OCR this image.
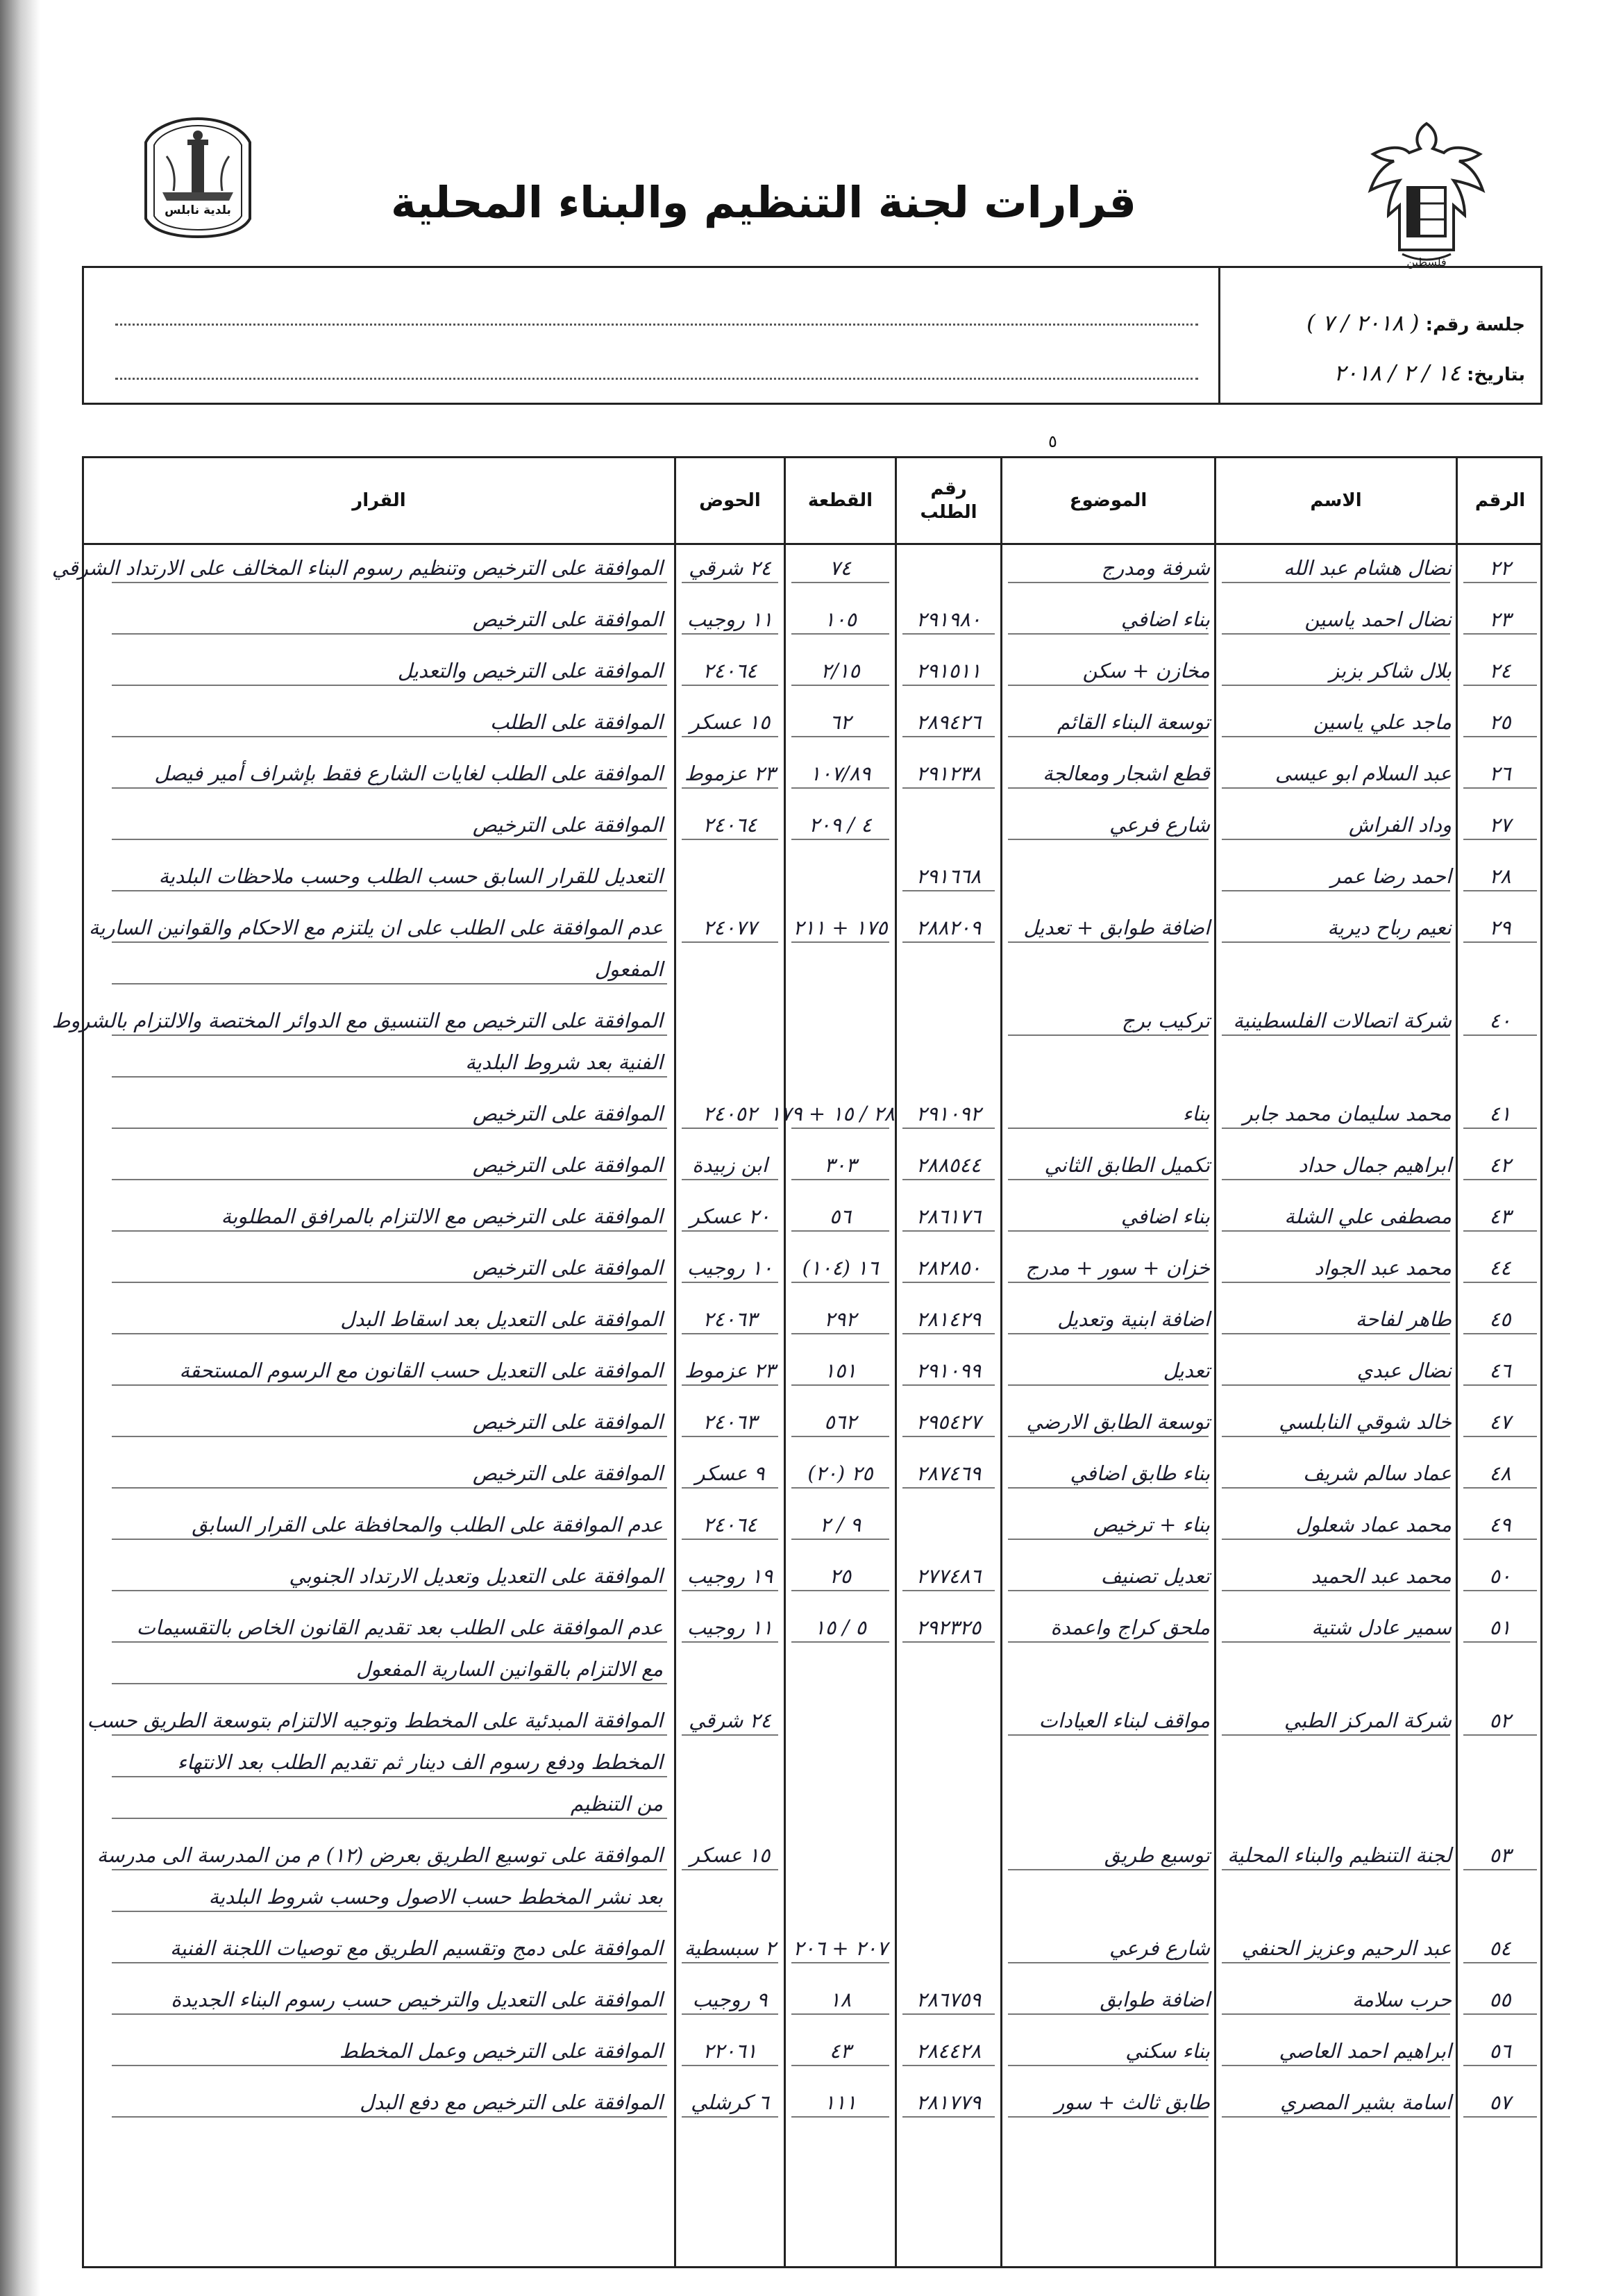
فلسطين
بلدية نابلس	قرارات لجنة التنظيم والبناء المحلية
جلسة رقم: ( ٢٠١٨ / ٧ )
بتاريخ: ١٤ / ٢ / ٢٠١٨
٥
الرقم
الاسم
الموضوع
رقم
الطلب
القطعة
الحوض
القرار
٢٢
نضال هشام عبد الله
شرفة ومدرج
٧٤
٢٤ شرقي
الموافقة على الترخيص وتنظيم رسوم البناء المخالف على الارتداد الشرقي
٢٣
نضال احمد ياسين
بناء اضافي
٢٩١٩٨٠
١٠٥
١١ روجيب
الموافقة على الترخيص
٢٤
بلال شاكر بزبز
مخازن + سكن
٢٩١٥١١
٢/١٥
٢٤٠٦٤
الموافقة على الترخيص والتعديل
٢٥
ماجد علي ياسين
توسعة البناء القائم
٢٨٩٤٢٦
٦٢
١٥ عسكر
الموافقة على الطلب
٢٦
عبد السلام ابو عيسى
قطع اشجار ومعالجة
٢٩١٢٣٨
١٠٧/٨٩
٢٣ عزموط
الموافقة على الطلب لغايات الشارع فقط بإشراف أمير فيصل
٢٧
وداد الفراش
شارع فرعي
٤ / ٢٠٩
٢٤٠٦٤
الموافقة على الترخيص
٢٨
احمد رضا عمر
٢٩١٦٦٨
التعديل للقرار السابق حسب الطلب وحسب ملاحظات البلدية
٢٩
نعيم رباح ديرية
اضافة طوابق + تعديل
٢٨٨٢٠٩
١٧٥ + ٢١١
٢٤٠٧٧
عدم الموافقة على الطلب على ان يلتزم مع الاحكام والقوانين السارية
المفعول
٤٠
شركة اتصالات الفلسطينية
تركيب برج
الموافقة على الترخيص مع التنسيق مع الدوائر المختصة والالتزام بالشروط
الفنية بعد شروط البلدية
٤١
محمد سليمان محمد جابر
بناء
٢٩١٠٩٢
٢٨ / ١٥ + ١٧٩
٢٤٠٥٢
الموافقة على الترخيص
٤٢
ابراهيم جمال حداد
تكميل الطابق الثاني
٢٨٨٥٤٤
٣٠٣
ابن زبيدة
الموافقة على الترخيص
٤٣
مصطفى علي الشلة
بناء اضافي
٢٨٦١٧٦
٥٦
٢٠ عسكر
الموافقة على الترخيص مع الالتزام بالمرافق المطلوبة
٤٤
محمد عبد الجواد
خزان + سور + مدرج
٢٨٢٨٥٠
١٦ (١٠٤)
١٠ روجيب
الموافقة على الترخيص
٤٥
طاهر لفاحة
اضافة ابنية وتعديل
٢٨١٤٢٩
٢٩٢
٢٤٠٦٣
الموافقة على التعديل بعد اسقاط البدل
٤٦
نضال عبدي
تعديل
٢٩١٠٩٩
١٥١
٢٣ عزموط
الموافقة على التعديل حسب القانون مع الرسوم المستحقة
٤٧
خالد شوقي النابلسي
توسعة الطابق الارضي
٢٩٥٤٢٧
٥٦٢
٢٤٠٦٣
الموافقة على الترخيص
٤٨
عماد سالم شريف
بناء طابق اضافي
٢٨٧٤٦٩
٢٥ (٢٠)
٩ عسكر
الموافقة على الترخيص
٤٩
محمد عماد شعلول
بناء + ترخيص
٩ / ٢
٢٤٠٦٤
عدم الموافقة على الطلب والمحافظة على القرار السابق
٥٠
محمد عبد الحميد
تعديل تصنيف
٢٧٧٤٨٦
٢٥
١٩ روجيب
الموافقة على التعديل وتعديل الارتداد الجنوبي
٥١
سمير عادل شتية
ملحق كراج واعمدة
٢٩٢٣٢٥
٥ / ١٥
١١ روجيب
عدم الموافقة على الطلب بعد تقديم القانون الخاص بالتقسيمات
مع الالتزام بالقوانين السارية المفعول
٥٢
شركة المركز الطبي
مواقف لبناء العيادات
٢٤ شرقي
الموافقة المبدئية على المخطط وتوجيه الالتزام بتوسعة الطريق حسب
المخطط ودفع رسوم الف دينار ثم تقديم الطلب بعد الانتهاء
من التنظيم
٥٣
لجنة التنظيم والبناء المحلية
توسيع طريق
١٥ عسكر
الموافقة على توسيع الطريق بعرض (١٢) م من المدرسة الى مدرسة
بعد نشر المخطط حسب الاصول وحسب شروط البلدية
٥٤
عبد الرحيم وعزيز الحنفي
شارع فرعي
٢٠٧ + ٢٠٦
٢ سبسطية
الموافقة على دمج وتقسيم الطريق مع توصيات اللجنة الفنية
٥٥
حرب سلامة
اضافة طوابق
٢٨٦٧٥٩
١٨
٩ روجيب
الموافقة على التعديل والترخيص حسب رسوم البناء الجديدة
٥٦
ابراهيم احمد العاصي
بناء سكني
٢٨٤٤٢٨
٤٣
٢٢٠٦١
الموافقة على الترخيص وعمل المخطط
٥٧
اسامة بشير المصري
طابق ثالث + سور
٢٨١٧٧٩
١١١
٦ كرشلي
الموافقة على الترخيص مع دفع البدل
